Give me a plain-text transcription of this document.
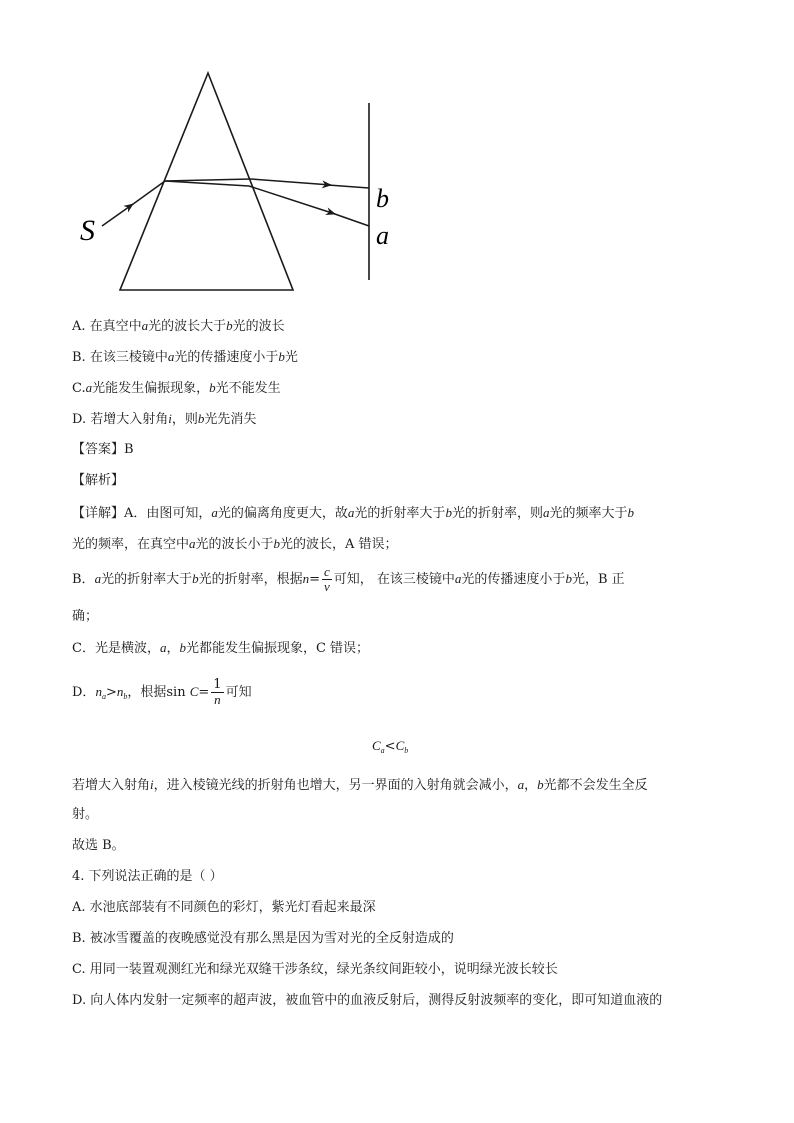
b
a
S
A. 在真空中a光的波长大于b光的波长
B. 在该三棱镜中a光的传播速度小于b光
C.a光能发生偏振现象，b光不能发生
D. 若增大入射角i，则b光先消失
【答案】B
【解析】
【详解】A．由图可知，a光的偏离角度更大，故a光的折射率大于b光的折射率，则a光的频率大于b
光的频率，在真空中a光的波长小于b光的波长，A 错误；
B．a光的折射率大于b光的折射率，根据$n= \frac{c}{v}$ 可知， 在该三棱镜中a光的传播速度小于b光，B 正
确；
C．光是横波，a，b光都能发生偏振现象，C 错误；
D．$n_a>n_b$，根据$\sin C= \frac{1}{n}$ 可知
$C_a<C_b$
若增大入射角i，进入棱镜光线的折射角也增大，另一界面的入射角就会减小，a，b光都不会发生全反
射。
故选 B。
4. 下列说法正确的是（ ）
A. 水池底部装有不同颜色的彩灯，紫光灯看起来最深
B. 被冰雪覆盖的夜晚感觉没有那么黑是因为雪对光的全反射造成的
C. 用同一装置观测红光和绿光双缝干涉条纹，绿光条纹间距较小，说明绿光波长较长
D. 向人体内发射一定频率的超声波，被血管中的血液反射后，测得反射波频率的变化，即可知道血液的
